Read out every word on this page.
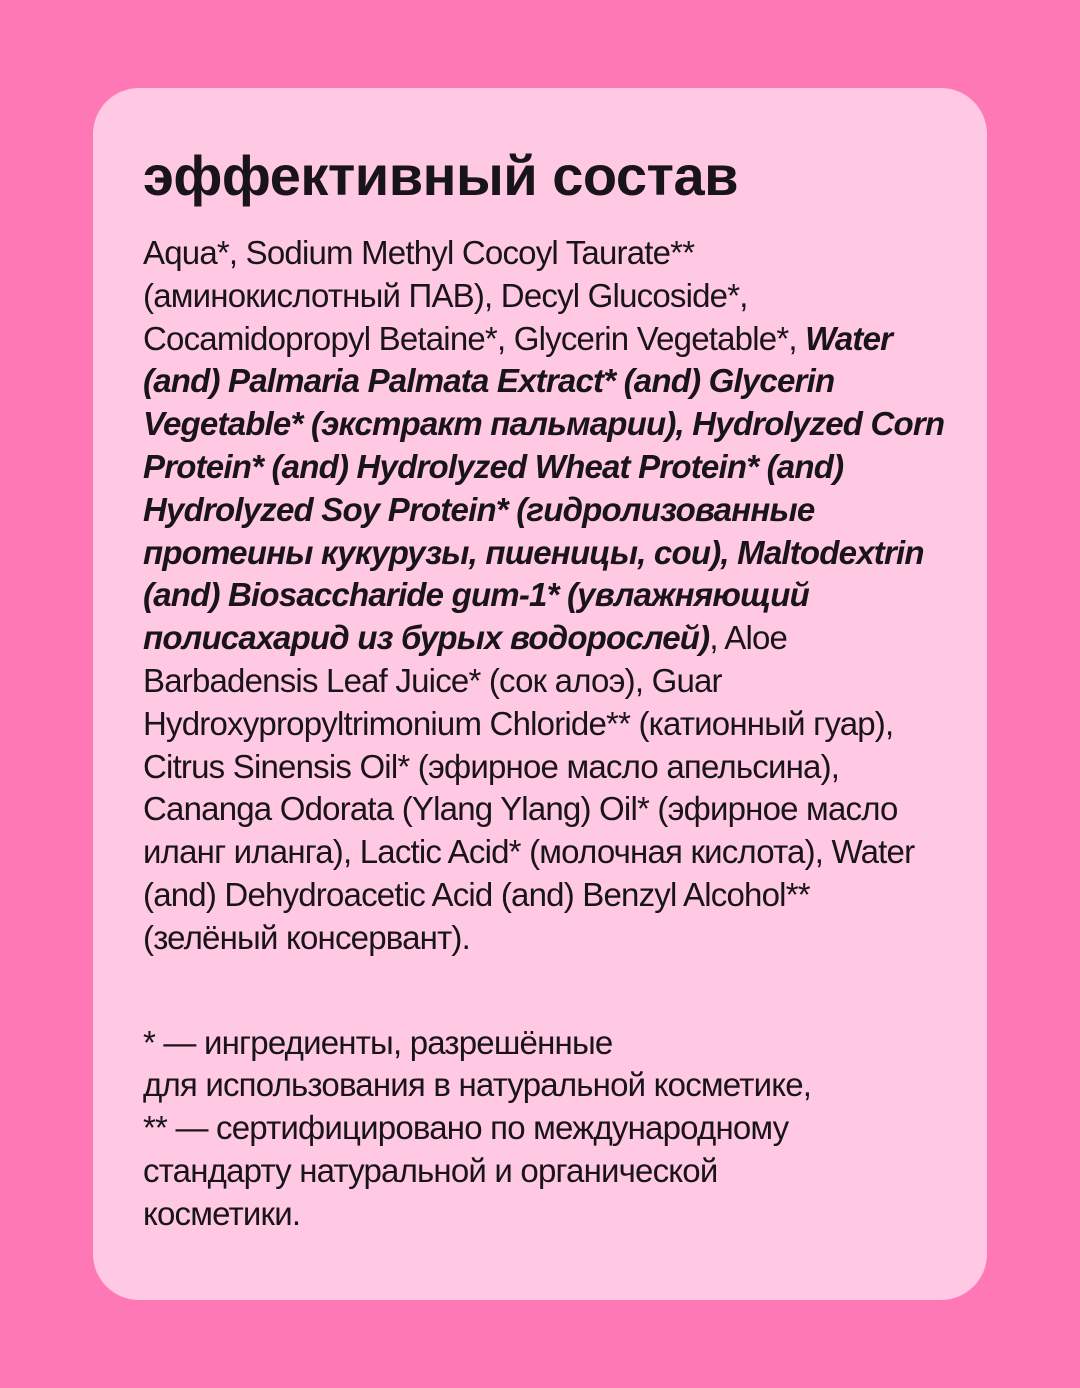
эффективный состав

Aqua*, Sodium Methyl Cocoyl Taurate** (аминокислотный ПАВ), Decyl Glucoside*, Cocamidopropyl Betaine*, Glycerin Vegetable*, Water (and) Palmaria Palmata Extract* (and) Glycerin Vegetable* (экстракт пальмарии), Hydrolyzed Corn Protein* (and) Hydrolyzed Wheat Protein* (and) Hydrolyzed Soy Protein* (гидролизованные протеины кукурузы, пшеницы, сои), Maltodextrin (and) Biosaccharide gum-1* (увлажняющий полисахарид из бурых водорослей), Aloe Barbadensis Leaf Juice* (сок алоэ), Guar Hydroxypropyltrimonium Chloride** (катионный гуар), Citrus Sinensis Oil* (эфирное масло апельсина), Cananga Odorata (Ylang Ylang) Oil* (эфирное масло иланг иланга), Lactic Acid* (молочная кислота), Water (and) Dehydroacetic Acid (and) Benzyl Alcohol** (зелёный консервант).

* — ингредиенты, разрешённые
для использования в натуральной косметике,
** — сертифицировано по международному
стандарту натуральной и органической
косметики.
